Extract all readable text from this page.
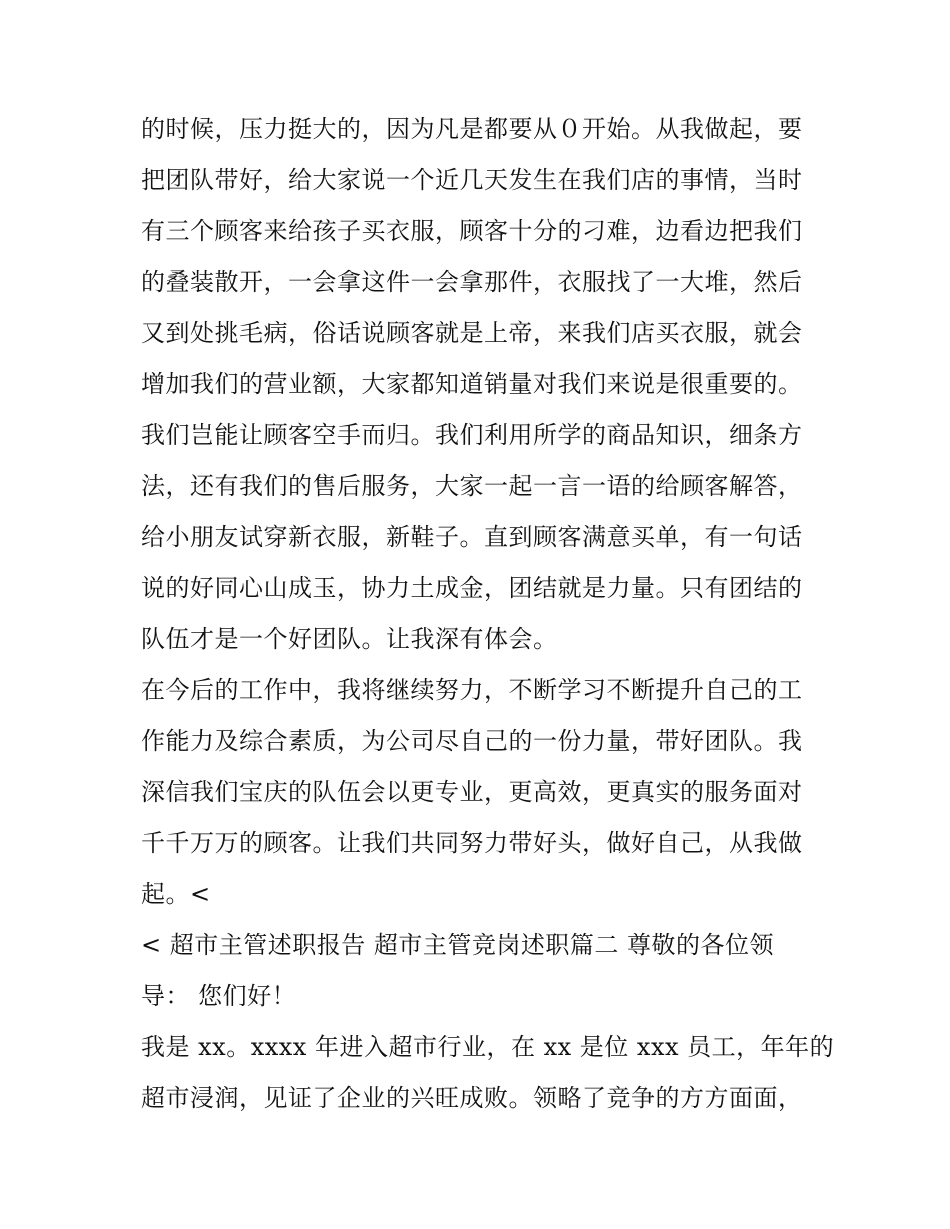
的时候，压力挺大的，因为凡是都要从０开始。从我做起，要
把团队带好，给大家说一个近几天发生在我们店的事情，当时
有三个顾客来给孩子买衣服，顾客十分的刁难，边看边把我们
的叠装散开，一会拿这件一会拿那件，衣服找了一大堆，然后
又到处挑毛病，俗话说顾客就是上帝，来我们店买衣服，就会
增加我们的营业额，大家都知道销量对我们来说是很重要的。
我们岂能让顾客空手而归。我们利用所学的商品知识，细条方
法，还有我们的售后服务，大家一起一言一语的给顾客解答，
给小朋友试穿新衣服，新鞋子。直到顾客满意买单，有一句话
说的好同心山成玉，协力土成金，团结就是力量。只有团结的
队伍才是一个好团队。让我深有体会。
在今后的工作中，我将继续努力，不断学习不断提升自己的工
作能力及综合素质，为公司尽自己的一份力量，带好团队。我
深信我们宝庆的队伍会以更专业，更高效，更真实的服务面对
千千万万的顾客。让我们共同努力带好头，做好自己，从我做
起。<
< 超市主管述职报告 超市主管竞岗述职篇二 尊敬的各位领
导： 您们好！
我是 xx。xxxx 年进入超市行业，在 xx 是位 xxx 员工，年年的
超市浸润，见证了企业的兴旺成败。领略了竞争的方方面面，
